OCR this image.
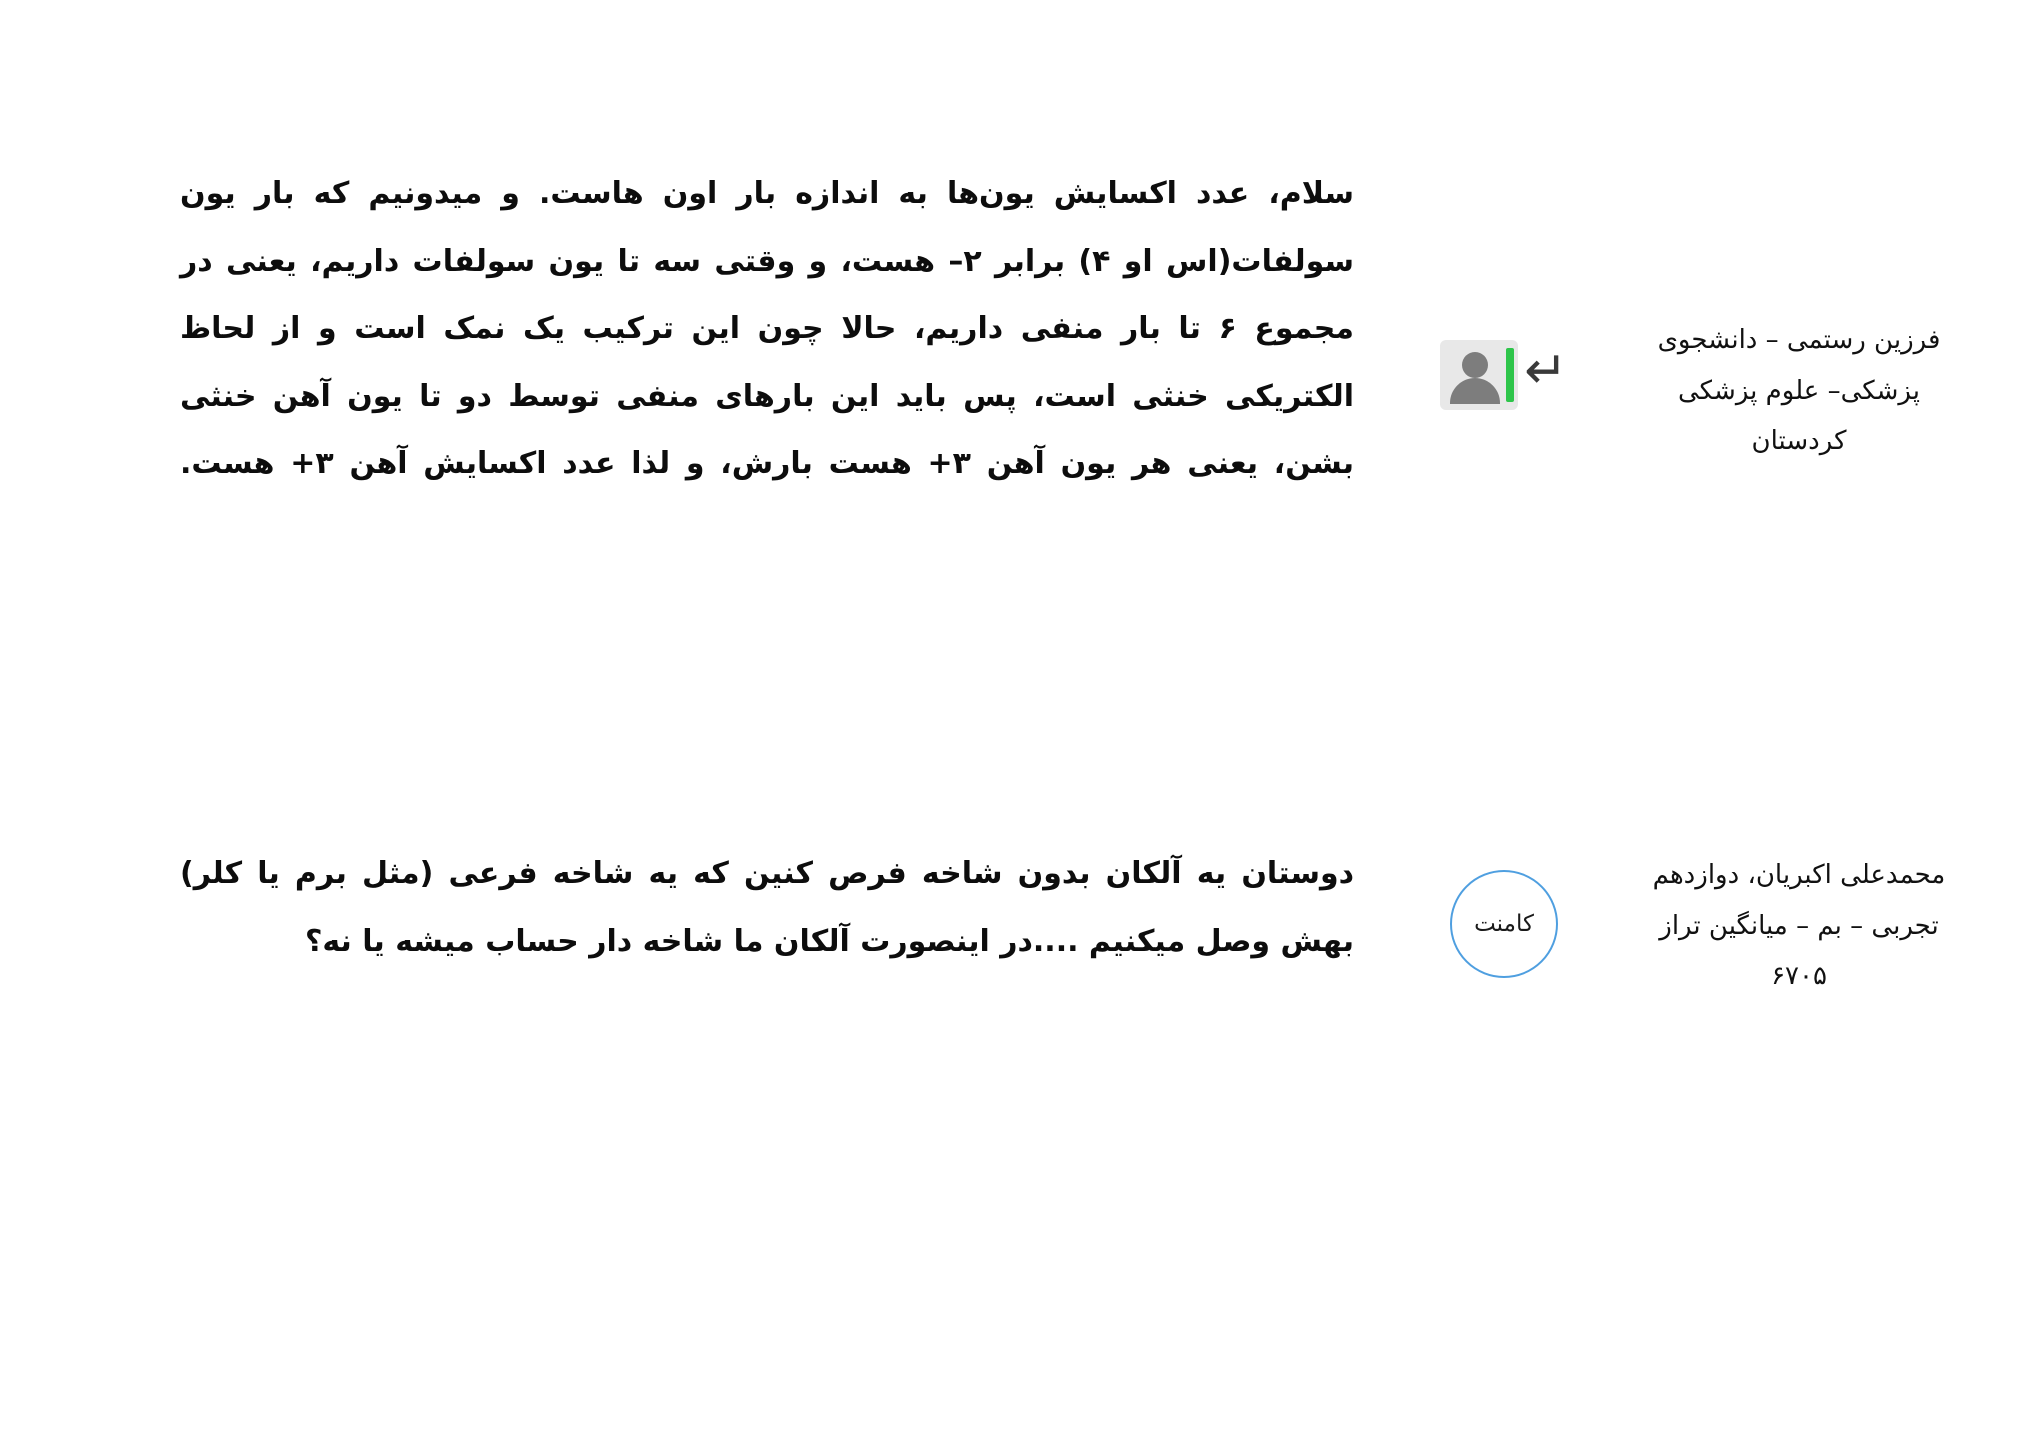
فرزین رستمی – دانشجوی پزشکی– علوم پزشکی کردستان
↵
سلام، عدد اکسایش یون‌ها به اندازه بار اون هاست. و میدونیم که بار یون سولفات(اس او ۴) برابر ۲– هست، و وقتی سه تا یون سولفات داریم، یعنی در مجموع ۶ تا بار منفی داریم، حالا چون این ترکیب یک نمک است و از لحاظ الکتریکی خنثی است، پس باید این بارهای منفی توسط دو تا یون آهن خنثی بشن، یعنی هر یون آهن ۳+ هست بارش، و لذا عدد اکسایش آهن ۳+ هست.
محمدعلی اکبریان، دوازدهم تجربی – بم – میانگین تراز ۶۷۰۵
کامنت
دوستان یه آلکان بدون شاخه فرص کنین که یه شاخه فرعی (مثل برم یا کلر) بهش وصل میکنیم ....در اینصورت آلکان ما شاخه دار حساب میشه یا نه؟
